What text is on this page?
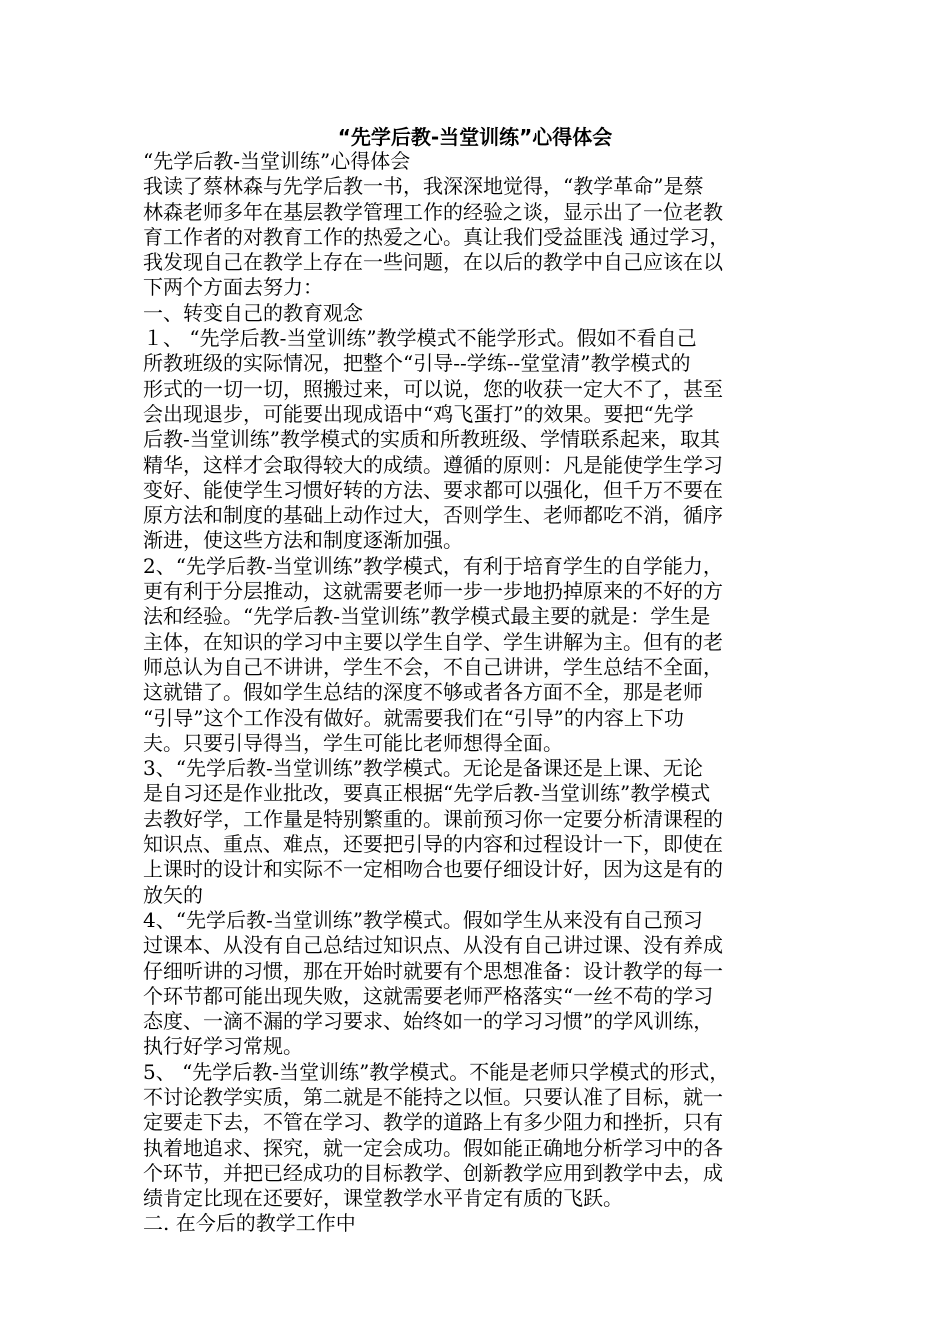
“先学后教-当堂训练”心得体会
“先学后教-当堂训练”心得体会
我读了蔡林森与先学后教一书，我深深地觉得，“教学革命”是蔡
林森老师多年在基层教学管理工作的经验之谈，显示出了一位老教
育工作者的对教育工作的热爱之心。真让我们受益匪浅 通过学习，
我发现自己在教学上存在一些问题，在以后的教学中自己应该在以
下两个方面去努力：
一、转变自己的教育观念
１、 “先学后教-当堂训练”教学模式不能学形式。假如不看自己
所教班级的实际情况，把整个“引导--学练--堂堂清”教学模式的
形式的一切一切，照搬过来，可以说，您的收获一定大不了，甚至
会出现退步，可能要出现成语中“鸡飞蛋打”的效果。要把“先学
后教-当堂训练”教学模式的实质和所教班级、学情联系起来，取其
精华，这样才会取得较大的成绩。遵循的原则：凡是能使学生学习
变好、能使学生习惯好转的方法、要求都可以强化，但千万不要在
原方法和制度的基础上动作过大，否则学生、老师都吃不消，循序
渐进，使这些方法和制度逐渐加强。
2、“先学后教-当堂训练”教学模式，有利于培育学生的自学能力，
更有利于分层推动，这就需要老师一步一步地扔掉原来的不好的方
法和经验。“先学后教-当堂训练”教学模式最主要的就是：学生是
主体，在知识的学习中主要以学生自学、学生讲解为主。但有的老
师总认为自己不讲讲，学生不会，不自己讲讲，学生总结不全面，
这就错了。假如学生总结的深度不够或者各方面不全，那是老师
“引导”这个工作没有做好。就需要我们在“引导”的内容上下功
夫。只要引导得当，学生可能比老师想得全面。
3、“先学后教-当堂训练”教学模式。无论是备课还是上课、无论
是自习还是作业批改，要真正根据“先学后教-当堂训练”教学模式
去教好学，工作量是特别繁重的。课前预习你一定要分析清课程的
知识点、重点、难点，还要把引导的内容和过程设计一下，即使在
上课时的设计和实际不一定相吻合也要仔细设计好，因为这是有的
放矢的
4、“先学后教-当堂训练”教学模式。假如学生从来没有自己预习
过课本、从没有自己总结过知识点、从没有自己讲过课、没有养成
仔细听讲的习惯，那在开始时就要有个思想准备：设计教学的每一
个环节都可能出现失败，这就需要老师严格落实“一丝不苟的学习
态度、一滴不漏的学习要求、始终如一的学习习惯”的学风训练，
执行好学习常规。
5、 “先学后教-当堂训练”教学模式。不能是老师只学模式的形式，
不讨论教学实质，第二就是不能持之以恒。只要认准了目标，就一
定要走下去，不管在学习、教学的道路上有多少阻力和挫折，只有
执着地追求、探究，就一定会成功。假如能正确地分析学习中的各
个环节，并把已经成功的目标教学、创新教学应用到教学中去，成
绩肯定比现在还要好，课堂教学水平肯定有质的飞跃。
二. 在今后的教学工作中
